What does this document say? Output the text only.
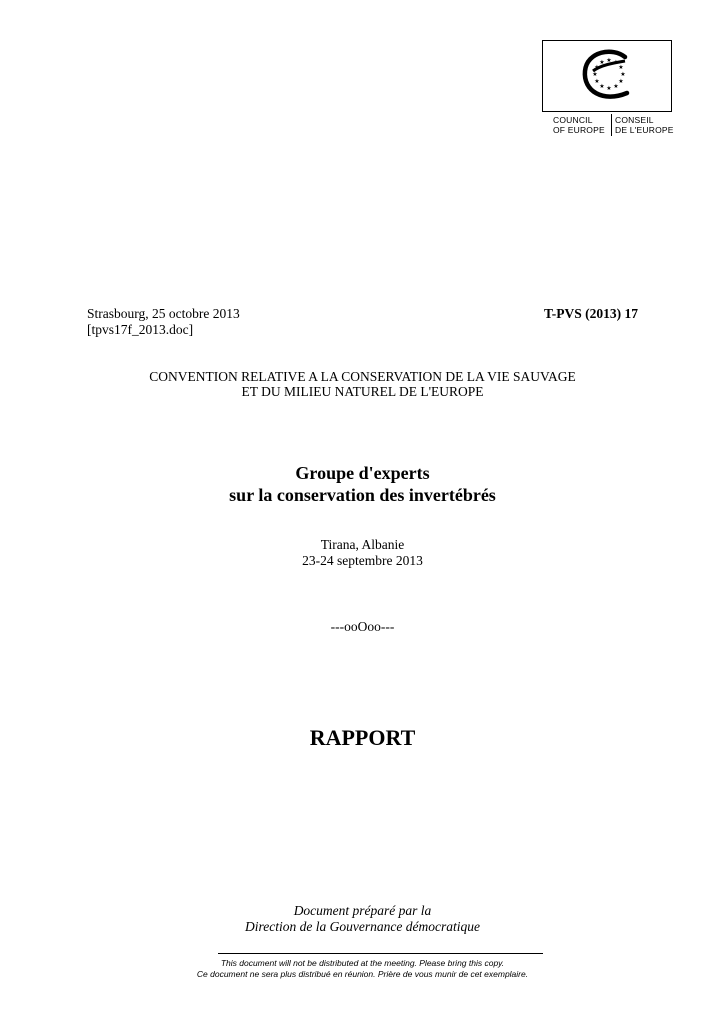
★ ★
★
★
★
★
★
★
★
★
★
★
COUNCIL
OF EUROPE
CONSEIL
DE L'EUROPE
Strasbourg, 25 octobre 2013
[tpvs17f_2013.doc]
T-PVS (2013) 17
CONVENTION RELATIVE A LA CONSERVATION DE LA VIE SAUVAGE
ET DU MILIEU NATUREL DE L'EUROPE
Groupe d'experts
sur la conservation des invertébrés
Tirana, Albanie
23-24 septembre 2013
---ooOoo---
RAPPORT
Document préparé par la
Direction de la Gouvernance démocratique
This document will not be distributed at the meeting. Please bring this copy.
Ce document ne sera plus distribué en réunion. Prière de vous munir de cet exemplaire.
